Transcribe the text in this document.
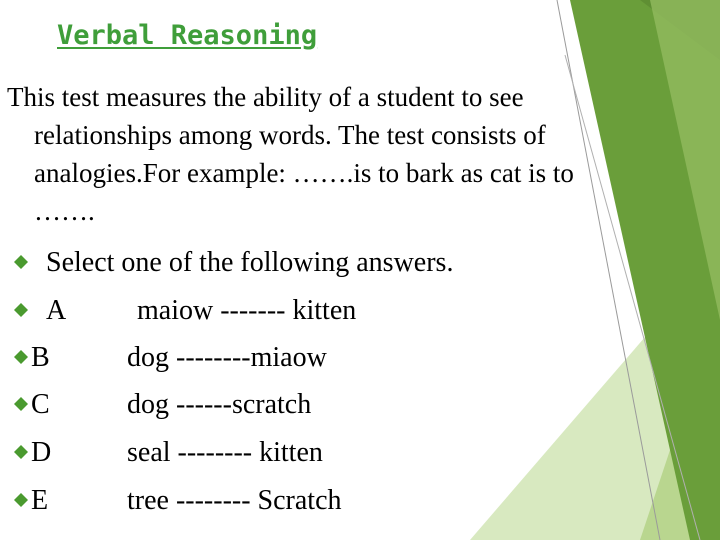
Verbal Reasoning
This test measures the ability of a student to see relationships among words. The test consists of analogies.For example: …….is to bark as cat is to …….
Select one of the following answers.
A	maiow ------- kitten
B	dog --------miaow
C	dog ------scratch
D	seal -------- kitten
E	tree -------- Scratch
